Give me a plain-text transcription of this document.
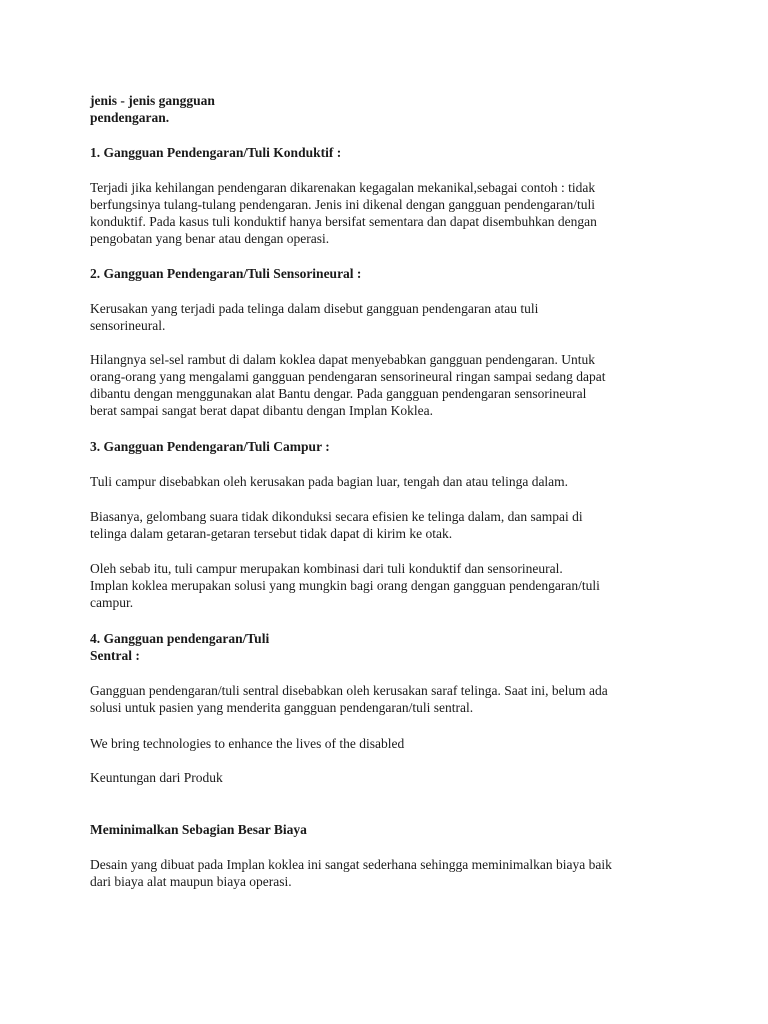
jenis - jenis gangguan
pendengaran.
1. Gangguan Pendengaran/Tuli Konduktif :
Terjadi jika kehilangan pendengaran dikarenakan kegagalan mekanikal,sebagai contoh : tidak
berfungsinya tulang-tulang pendengaran. Jenis ini dikenal dengan gangguan pendengaran/tuli
konduktif. Pada kasus tuli konduktif hanya bersifat sementara dan dapat disembuhkan dengan
pengobatan yang benar atau dengan operasi.
2. Gangguan Pendengaran/Tuli Sensorineural :
Kerusakan yang terjadi pada telinga dalam disebut gangguan pendengaran atau tuli
sensorineural.
Hilangnya sel-sel rambut di dalam koklea dapat menyebabkan gangguan pendengaran. Untuk
orang-orang yang mengalami gangguan pendengaran sensorineural ringan sampai sedang dapat
dibantu dengan menggunakan alat Bantu dengar. Pada gangguan pendengaran sensorineural
berat sampai sangat berat dapat dibantu dengan Implan Koklea.
3. Gangguan Pendengaran/Tuli Campur :
Tuli campur disebabkan oleh kerusakan pada bagian luar, tengah dan atau telinga dalam.
Biasanya, gelombang suara tidak dikonduksi secara efisien ke telinga dalam, dan sampai di
telinga dalam getaran-getaran tersebut tidak dapat di kirim ke otak.
Oleh sebab itu, tuli campur merupakan kombinasi dari tuli konduktif dan sensorineural.
Implan koklea merupakan solusi yang mungkin bagi orang dengan gangguan pendengaran/tuli
campur.
4. Gangguan pendengaran/Tuli
Sentral :
Gangguan pendengaran/tuli sentral disebabkan oleh kerusakan saraf telinga. Saat ini, belum ada
solusi untuk pasien yang menderita gangguan pendengaran/tuli sentral.
We bring technologies to enhance the lives of the disabled
Keuntungan dari Produk
Meminimalkan Sebagian Besar Biaya
Desain yang dibuat pada Implan koklea ini sangat sederhana sehingga meminimalkan biaya baik
dari biaya alat maupun biaya operasi.
